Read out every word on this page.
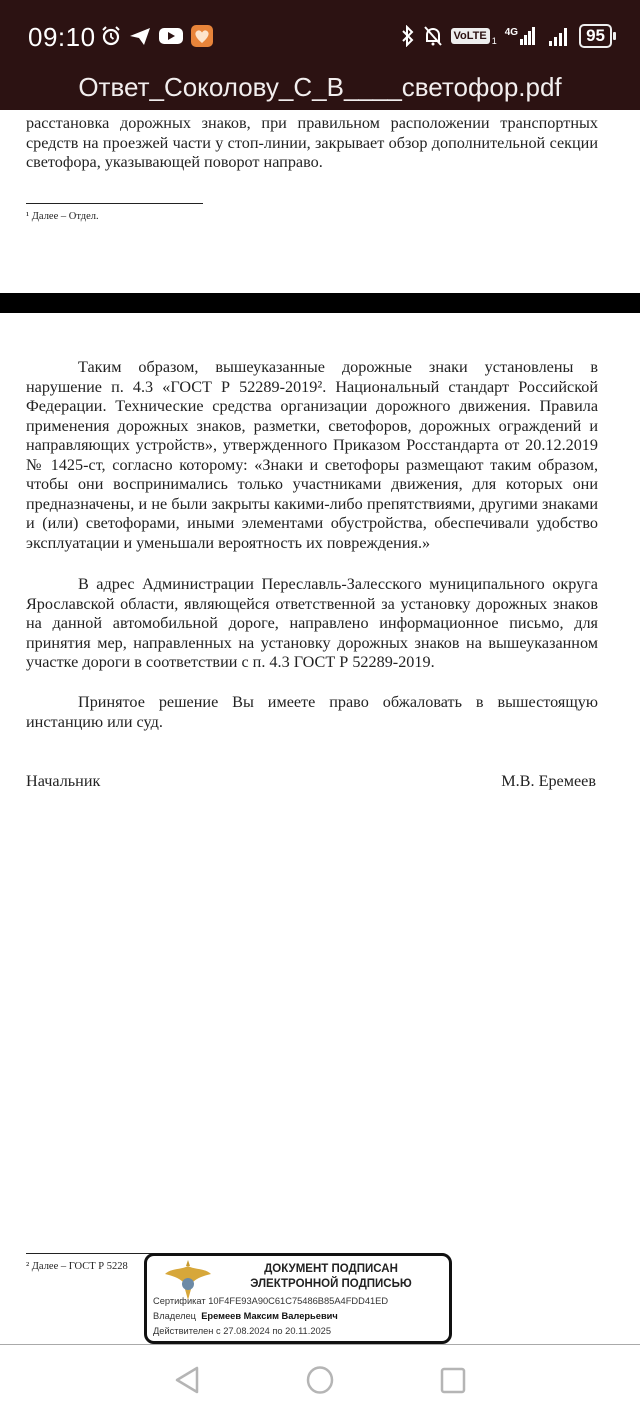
09:10	VoLTE 1
4G	95
Ответ_Соколову_С_В____светофор.pdf
расстановка дорожных знаков, при правильном расположении транспортных средств на проезжей части у стоп-линии, закрывает обзор дополнительной секции светофора, указывающей поворот направо.
¹ Далее – Отдел.
Таким образом, вышеуказанные дорожные знаки установлены в нарушение п. 4.3 «ГОСТ Р 52289-2019². Национальный стандарт Российской Федерации. Технические средства организации дорожного движения. Правила применения дорожных знаков, разметки, светофоров, дорожных ограждений и направляющих устройств», утвержденного Приказом Росстандарта от 20.12.2019 № 1425-ст, согласно которому: «Знаки и светофоры размещают таким образом, чтобы они воспринимались только участниками движения, для которых они предназначены, и не были закрыты какими-либо препятствиями, другими знаками и (или) светофорами, иными элементами обустройства, обеспечивали удобство эксплуатации и уменьшали вероятность их повреждения.»
В адрес Администрации Переславль-Залесского муниципального округа Ярославской области, являющейся ответственной за установку дорожных знаков на данной автомобильной дороге, направлено информационное письмо, для принятия мер, направленных на установку дорожных знаков на вышеуказанном участке дороги в соответствии с п. 4.3 ГОСТ Р 52289-2019.
Принятое решение Вы имеете право обжаловать в вышестоящую инстанцию или суд.
Начальник	М.В. Еремеев
² Далее – ГОСТ Р 5228	ДОКУМЕНТ ПОДПИСАН
ЭЛЕКТРОННОЙ ПОДПИСЬЮ
Сертификат 10F4FE93A90C61C75486B85A4FDD41ED
Владелец Еремеев Максим Валерьевич
Действителен с 27.08.2024 по 20.11.2025
